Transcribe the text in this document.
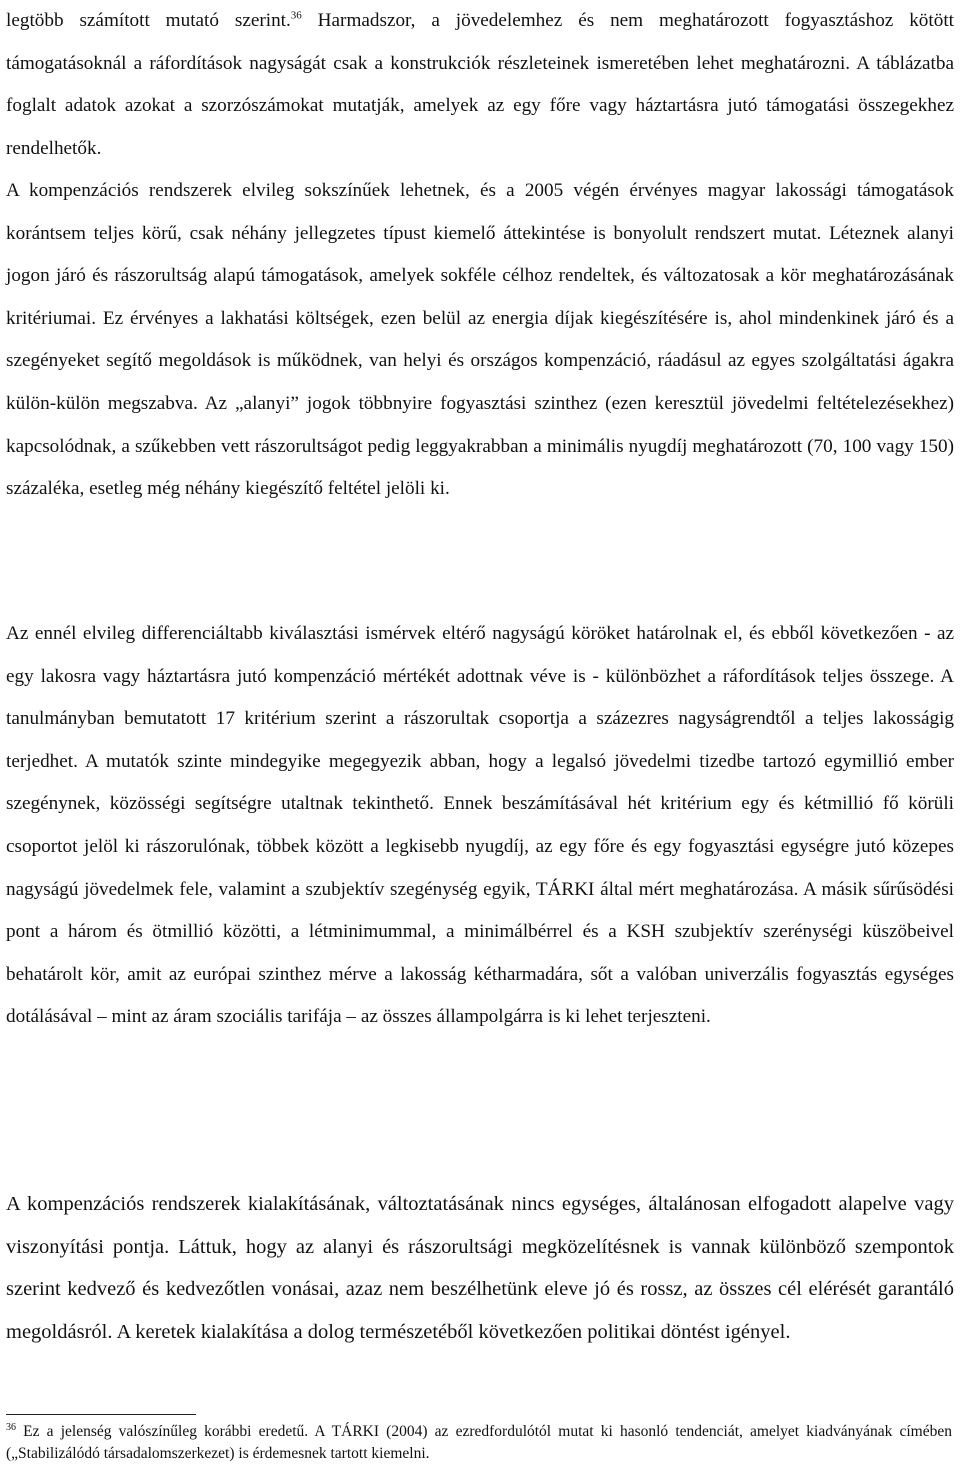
legtöbb számított mutató szerint.$^{36}$ Harmadszor, a jövedelemhez és nem meghatározott fogyasztáshoz kötött támogatásoknál a ráfordítások nagyságát csak a konstrukciók részleteinek ismeretében lehet meghatározni. A táblázatba foglalt adatok azokat a szorzószámokat mutatják, amelyek az egy főre vagy háztartásra jutó támogatási összegekhez rendelhetők.

A kompenzációs rendszerek elvileg sokszínűek lehetnek, és a 2005 végén érvényes magyar lakossági támogatások korántsem teljes körű, csak néhány jellegzetes típust kiemelő áttekintése is bonyolult rendszert mutat. Léteznek alanyi jogon járó és rászorultság alapú támogatások, amelyek sokféle célhoz rendeltek, és változatosak a kör meghatározásának kritériumai. Ez érvényes a lakhatási költségek, ezen belül az energia díjak kiegészítésére is, ahol mindenkinek járó és a szegényeket segítő megoldások is működnek, van helyi és országos kompenzáció, ráadásul az egyes szolgáltatási ágakra külön-külön megszabva. Az „alanyi” jogok többnyire fogyasztási szinthez (ezen keresztül jövedelmi feltételezésekhez) kapcsolódnak, a szűkebben vett rászorultságot pedig leggyakrabban a minimális nyugdíj meghatározott (70, 100 vagy 150) százaléka, esetleg még néhány kiegészítő feltétel jelöli ki.

Az ennél elvileg differenciáltabb kiválasztási ismérvek eltérő nagyságú köröket határolnak el, és ebből következően - az egy lakosra vagy háztartásra jutó kompenzáció mértékét adottnak véve is - különbözhet a ráfordítások teljes összege. A tanulmányban bemutatott 17 kritérium szerint a rászorultak csoportja a százezres nagyságrendtől a teljes lakosságig terjedhet. A mutatók szinte mindegyike megegyezik abban, hogy a legalsó jövedelmi tizedbe tartozó egymillió ember szegénynek, közösségi segítségre utaltnak tekinthető. Ennek beszámításával hét kritérium egy és kétmillió fő körüli csoportot jelöl ki rászorulónak, többek között a legkisebb nyugdíj, az egy főre és egy fogyasztási egységre jutó közepes nagyságú jövedelmek fele, valamint a szubjektív szegénység egyik, TÁRKI által mért meghatározása. A másik sűrűsödési pont a három és ötmillió közötti, a létminimummal, a minimálbérrel és a KSH szubjektív szerénységi küszöbeivel behatárolt kör, amit az európai szinthez mérve a lakosság kétharmadára, sőt a valóban univerzális fogyasztás egységes dotálásával – mint az áram szociális tarifája – az összes állampolgárra is ki lehet terjeszteni.

A kompenzációs rendszerek kialakításának, változtatásának nincs egységes, általánosan elfogadott alapelve vagy viszonyítási pontja. Láttuk, hogy az alanyi és rászorultsági megközelítésnek is vannak különböző szempontok szerint kedvező és kedvezőtlen vonásai, azaz nem beszélhetünk eleve jó és rossz, az összes cél elérését garantáló megoldásról. A keretek kialakítása a dolog természetéből következően politikai döntést igényel.

$^{36}$ Ez a jelenség valószínűleg korábbi eredetű. A TÁRKI (2004) az ezredfordulótól mutat ki hasonló tendenciát, amelyet kiadványának címében („Stabilizálódó társadalomszerkezet) is érdemesnek tartott kiemelni.
